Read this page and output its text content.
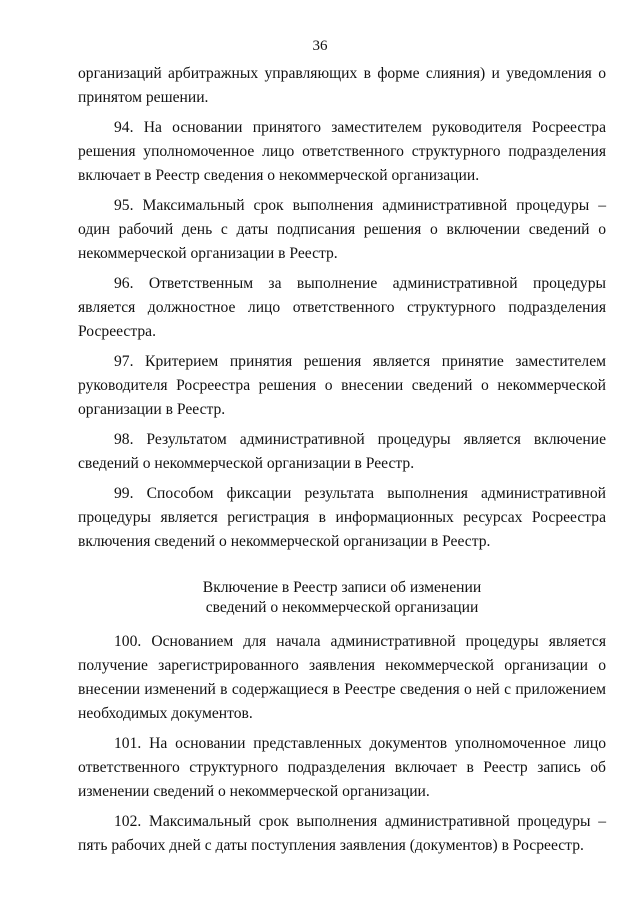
36

организаций арбитражных управляющих в форме слияния) и уведомления о принятом решении.

94. На основании принятого заместителем руководителя Росреестра решения уполномоченное лицо ответственного структурного подразделения включает в Реестр сведения о некоммерческой организации.

95. Максимальный срок выполнения административной процедуры – один рабочий день с даты подписания решения о включении сведений о некоммерческой организации в Реестр.

96. Ответственным за выполнение административной процедуры является должностное лицо ответственного структурного подразделения Росреестра.

97. Критерием принятия решения является принятие заместителем руководителя Росреестра решения о внесении сведений о некоммерческой организации в Реестр.

98. Результатом административной процедуры является включение сведений о некоммерческой организации в Реестр.

99. Способом фиксации результата выполнения административной процедуры является регистрация в информационных ресурсах Росреестра включения сведений о некоммерческой организации в Реестр.

Включение в Реестр записи об изменении
сведений о некоммерческой организации

100. Основанием для начала административной процедуры является получение зарегистрированного заявления некоммерческой организации о внесении изменений в содержащиеся в Реестре сведения о ней с приложением необходимых документов.

101. На основании представленных документов уполномоченное лицо ответственного структурного подразделения включает в Реестр запись об изменении сведений о некоммерческой организации.

102. Максимальный срок выполнения административной процедуры – пять рабочих дней с даты поступления заявления (документов) в Росреестр.
